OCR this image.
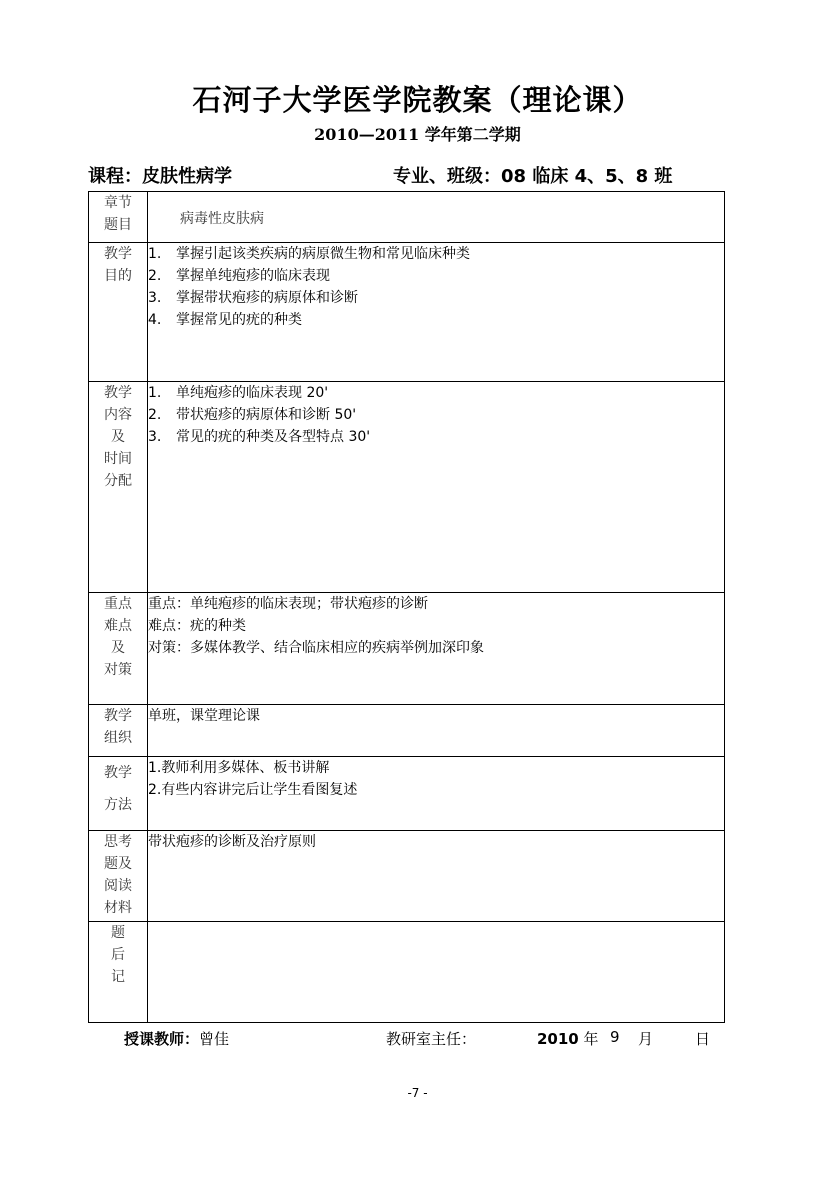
石河子大学医学院教案（理论课）
2010—2011 学年第二学期
课程：皮肤性病学	专业、班级：08 临床 4、5、8 班
章节
题目	病毒性皮肤病

教学
目的	1. 掌握引起该类疾病的病原微生物和常见临床种类
2. 掌握单纯疱疹的临床表现
3. 掌握带状疱疹的病原体和诊断
4. 掌握常见的疣的种类

教学
内容
及
时间
分配	1. 单纯疱疹的临床表现 20'
2. 带状疱疹的病原体和诊断 50'
3. 常见的疣的种类及各型特点 30'

重点
难点
及
对策	重点：单纯疱疹的临床表现；带状疱疹的诊断
难点：疣的种类
对策：多媒体教学、结合临床相应的疾病举例加深印象

教学
组织	单班，课堂理论课

教学
方法	1.教师利用多媒体、板书讲解
2.有些内容讲完后让学生看图复述

思考
题及
阅读
材料	带状疱疹的诊断及治疗原则

题
后
记	
授课教师：曾佳	教研室主任：	2010 年 9 月	日
-7 -
